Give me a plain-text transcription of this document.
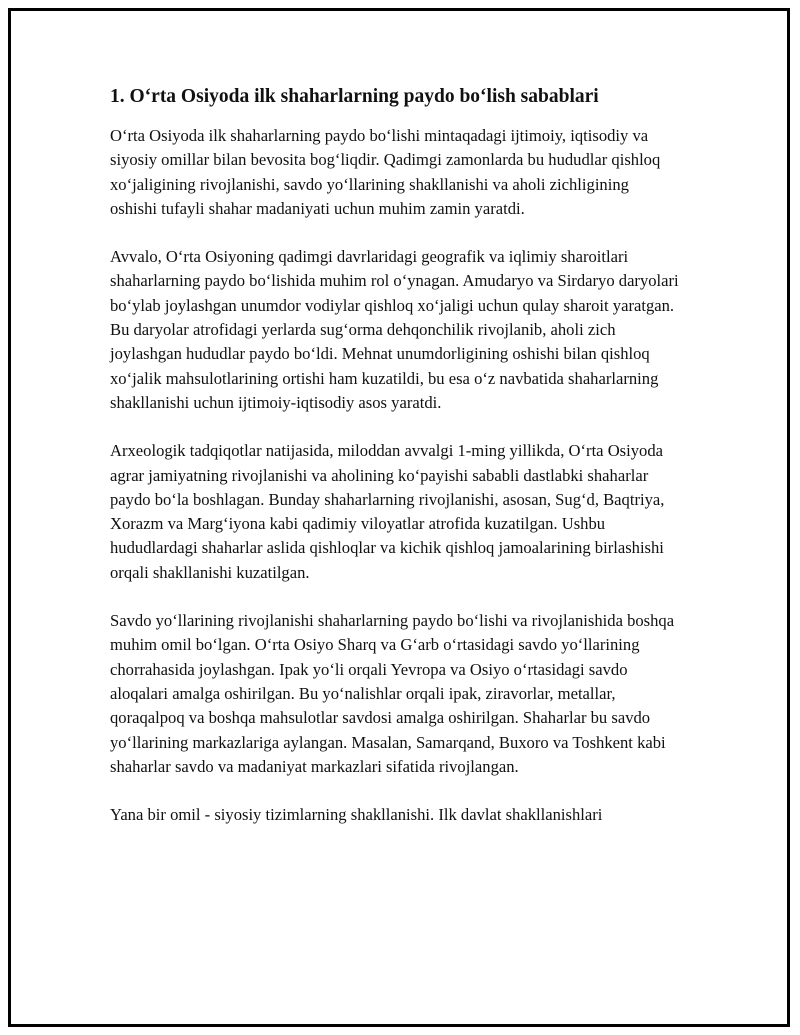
1. O‘rta Osiyoda ilk shaharlarning paydo bo‘lish sabablari

O‘rta Osiyoda ilk shaharlarning paydo bo‘lishi mintaqadagi ijtimoiy, iqtisodiy va siyosiy omillar bilan bevosita bog‘liqdir. Qadimgi zamonlarda bu hududlar qishloq xo‘jaligining rivojlanishi, savdo yo‘llarining shakllanishi va aholi zichligining oshishi tufayli shahar madaniyati uchun muhim zamin yaratdi.

Avvalo, O‘rta Osiyoning qadimgi davrlaridagi geografik va iqlimiy sharoitlari shaharlarning paydo bo‘lishida muhim rol o‘ynagan. Amudaryo va Sirdaryo daryolari bo‘ylab joylashgan unumdor vodiylar qishloq xo‘jaligi uchun qulay sharoit yaratgan. Bu daryolar atrofidagi yerlarda sug‘orma dehqonchilik rivojlanib, aholi zich joylashgan hududlar paydo bo‘ldi. Mehnat unumdorligining oshishi bilan qishloq xo‘jalik mahsulotlarining ortishi ham kuzatildi, bu esa o‘z navbatida shaharlarning shakllanishi uchun ijtimoiy-iqtisodiy asos yaratdi.

Arxeologik tadqiqotlar natijasida, miloddan avvalgi 1-ming yillikda, O‘rta Osiyoda agrar jamiyatning rivojlanishi va aholining ko‘payishi sababli dastlabki shaharlar paydo bo‘la boshlagan. Bunday shaharlarning rivojlanishi, asosan, Sug‘d, Baqtriya, Xorazm va Marg‘iyona kabi qadimiy viloyatlar atrofida kuzatilgan. Ushbu hududlardagi shaharlar aslida qishloqlar va kichik qishloq jamoalarining birlashishi orqali shakllanishi kuzatilgan.

Savdo yo‘llarining rivojlanishi shaharlarning paydo bo‘lishi va rivojlanishida boshqa muhim omil bo‘lgan. O‘rta Osiyo Sharq va G‘arb o‘rtasidagi savdo yo‘llarining chorrahasida joylashgan. Ipak yo‘li orqali Yevropa va Osiyo o‘rtasidagi savdo aloqalari amalga oshirilgan. Bu yo‘nalishlar orqali ipak, ziravorlar, metallar, qoraqalpoq va boshqa mahsulotlar savdosi amalga oshirilgan. Shaharlar bu savdo yo‘llarining markazlariga aylangan. Masalan, Samarqand, Buxoro va Toshkent kabi shaharlar savdo va madaniyat markazlari sifatida rivojlangan.

Yana bir omil - siyosiy tizimlarning shakllanishi. Ilk davlat shakllanishlari
